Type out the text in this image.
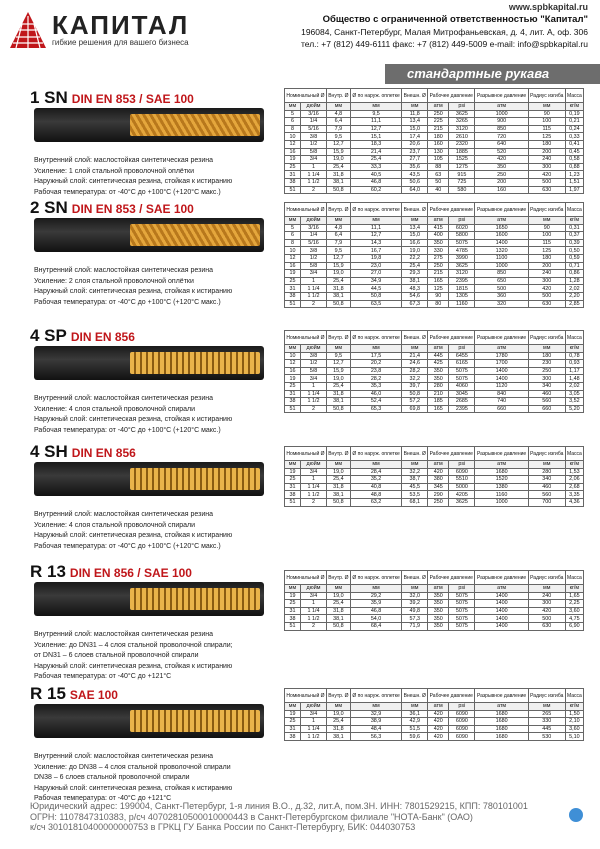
КАПИТАЛ
гибкие решения для вашего бизнеса
www.spbkapital.ru
Общество с ограниченной ответственностью "Капитал"
196084, Санкт-Петербург, Малая Митрофаньевская, д. 4, лит. А, оф. 306
тел.: +7 (812) 449-6111 факс: +7 (812) 449-5009 e-mail: info@spbkapital.ru
стандартные рукава
1 SN DIN EN 853 / SAE 100

Внутренний слой: маслостойкая синтетическая резина

Усиление: 1 слой стальной проволочной оплётки

Наружный слой: синтетическая резина, стойкая к истиранию

Рабочая температура: от -40°С до +100°С (+120°С макс.)

Номинальный Ø		Внутр. Ø	Ø по наруж. оплетке	Внешн. Ø	Рабочее давление		Разрывное давление	Радиус изгиба	Масса
мм	дюйм	мм	мм	мм	атм	psi	атм	мм	кг/м
5	3/16	4,8	9,5	11,8	250	3625	1000	90	0,19
6	1/4	6,4	11,1	13,4	225	3265	900	100	0,21
8	5/16	7,9	12,7	15,0	215	3120	850	115	0,24
10	3/8	9,5	15,1	17,4	180	2610	720	125	0,33
12	1/2	12,7	18,3	20,6	160	2320	640	180	0,41
16	5/8	15,9	21,4	23,7	130	1885	520	200	0,45
19	3/4	19,0	25,4	27,7	105	1525	420	240	0,58
25	1	25,4	33,3	35,6	88	1275	350	300	0,88
31	1 1/4	31,8	40,5	43,5	63	915	250	420	1,23
38	1 1/2	38,1	46,8	50,6	50	725	200	500	1,51
51	2	50,8	60,2	64,0	40	580	160	630	1,97
2 SN DIN EN 853 / SAE 100

Внутренний слой: маслостойкая синтетическая резина

Усиление: 2 слоя стальной проволочной оплётки

Наружный слой: синтетическая резина, стойкая к истиранию

Рабочая температура: от -40°С до +100°С (+120°С макс.)

Номинальный Ø		Внутр. Ø	Ø по наруж. оплетке	Внешн. Ø	Рабочее давление		Разрывное давление	Радиус изгиба	Масса
мм	дюйм	мм	мм	мм	атм	psi	атм	мм	кг/м
5	3/16	4,8	11,1	13,4	415	6020	1650	90	0,31
6	1/4	6,4	12,7	15,0	400	5800	1600	100	0,37
8	5/16	7,9	14,3	16,6	350	5075	1400	115	0,39
10	3/8	9,5	16,7	19,0	330	4785	1320	125	0,50
12	1/2	12,7	19,8	22,2	275	3990	1100	180	0,59
16	5/8	15,9	23,0	25,4	250	3625	1000	200	0,71
19	3/4	19,0	27,0	29,3	215	3120	850	240	0,86
25	1	25,4	34,9	38,1	165	2395	650	300	1,28
31	1 1/4	31,8	44,5	48,3	125	1815	500	420	2,02
38	1 1/2	38,1	50,8	54,6	90	1305	360	500	2,20
51	2	50,8	63,5	67,3	80	1160	320	630	2,85
4 SP DIN EN 856

Внутренний слой: маслостойкая синтетическая резина

Усиление: 4 слоя стальной проволочной спирали

Наружный слой: синтетическая резина, стойкая к истиранию

Рабочая температура: от -40°С до +100°С (+120°С макс.)

Номинальный Ø		Внутр. Ø	Ø по наруж. оплетке	Внешн. Ø	Рабочее давление		Разрывное давление	Радиус изгиба	Масса
мм	дюйм	мм	мм	мм	атм	psi	атм	мм	кг/м
10	3/8	9,5	17,5	21,4	445	6455	1780	180	0,78
12	1/2	12,7	20,2	24,6	425	6165	1700	230	0,93
16	5/8	15,9	23,8	28,2	350	5075	1400	250	1,17
19	3/4	19,0	28,2	32,2	350	5075	1400	300	1,48
25	1	25,4	35,3	39,7	280	4060	1120	340	2,02
31	1 1/4	31,8	46,0	50,8	210	3045	840	460	3,05
38	1 1/2	38,1	52,4	57,2	185	2685	740	560	3,52
51	2	50,8	65,3	69,8	165	2395	660	660	5,20
4 SH DIN EN 856

Внутренний слой: маслостойкая синтетическая резина

Усиление: 4 слоя стальной проволочной спирали

Наружный слой: синтетическая резина, стойкая к истиранию

Рабочая температура: от -40°С до +100°С (+120°С макс.)

Номинальный Ø		Внутр. Ø	Ø по наруж. оплетке	Внешн. Ø	Рабочее давление		Разрывное давление	Радиус изгиба	Масса
мм	дюйм	мм	мм	мм	атм	psi	атм	мм	кг/м
19	3/4	19,0	28,4	32,2	420	6090	1680	280	1,53
25	1	25,4	35,2	38,7	380	5510	1520	340	2,06
31	1 1/4	31,8	40,8	45,5	345	5000	1380	460	2,68
38	1 1/2	38,1	48,8	53,5	290	4205	1160	560	3,35
51	2	50,8	63,2	68,1	250	3625	1000	700	4,36
R 13 DIN EN 856 / SAE 100

Внутренний слой: маслостойкая синтетическая резина

Усиление: до DN31 – 4 слоя стальной проволочной спирали;

от DN31 – 6 слоев стальной проволочной спирали

Наружный слой: синтетическая резина, стойкая к истиранию

Рабочая температура: от -40°С до +121°С

Номинальный Ø		Внутр. Ø	Ø по наруж. оплетке	Внешн. Ø	Рабочее давление		Разрывное давление	Радиус изгиба	Масса
мм	дюйм	мм	мм	мм	атм	psi	атм	мм	кг/м
19	3/4	19,0	29,2	32,0	350	5075	1400	240	1,65
25	1	25,4	35,9	39,2	350	5075	1400	300	2,25
31	1 1/4	31,8	46,8	49,8	350	5075	1400	420	3,60
38	1 1/2	38,1	54,0	57,3	350	5075	1400	500	4,75
51	2	50,8	68,4	71,9	350	5075	1400	630	6,90
R 15 SAE 100

Внутренний слой: маслостойкая синтетическая резина

Усиление: до DN38 – 4 слоя стальной проволочной спирали

DN38 – 6 слоев стальной проволочной спирали

Наружный слой: синтетическая резина, стойкая к истиранию

Рабочая температура: от -40°С до +121°С

Номинальный Ø		Внутр. Ø	Ø по наруж. оплетке	Внешн. Ø	Рабочее давление		Разрывное давление	Радиус изгиба	Масса
мм	дюйм	мм	мм	мм	атм	psi	атм	мм	кг/м
19	3/4	19,0	32,9	36,1	420	6090	1680	265	1,50
25	1	25,4	38,9	42,9	420	6090	1680	330	2,10
31	1 1/4	31,8	48,4	51,5	420	6090	1680	445	3,60
38	1 1/2	38,1	56,3	59,6	420	6090	1680	530	5,10
Юридический адрес: 199004, Санкт-Петербург, 1-я линия В.О., д.32, лит.А, пом.3Н. ИНН: 7801529215, КПП: 780101001
ОГРН: 1107847310383, р/сч 40702810500010000443 в Санкт-Петербургском филиале "НОТА-Банк" (ОАО)
к/сч 30101810400000000753 в ГРКЦ ГУ Банка России по Санкт-Петербургу, БИК: 044030753
